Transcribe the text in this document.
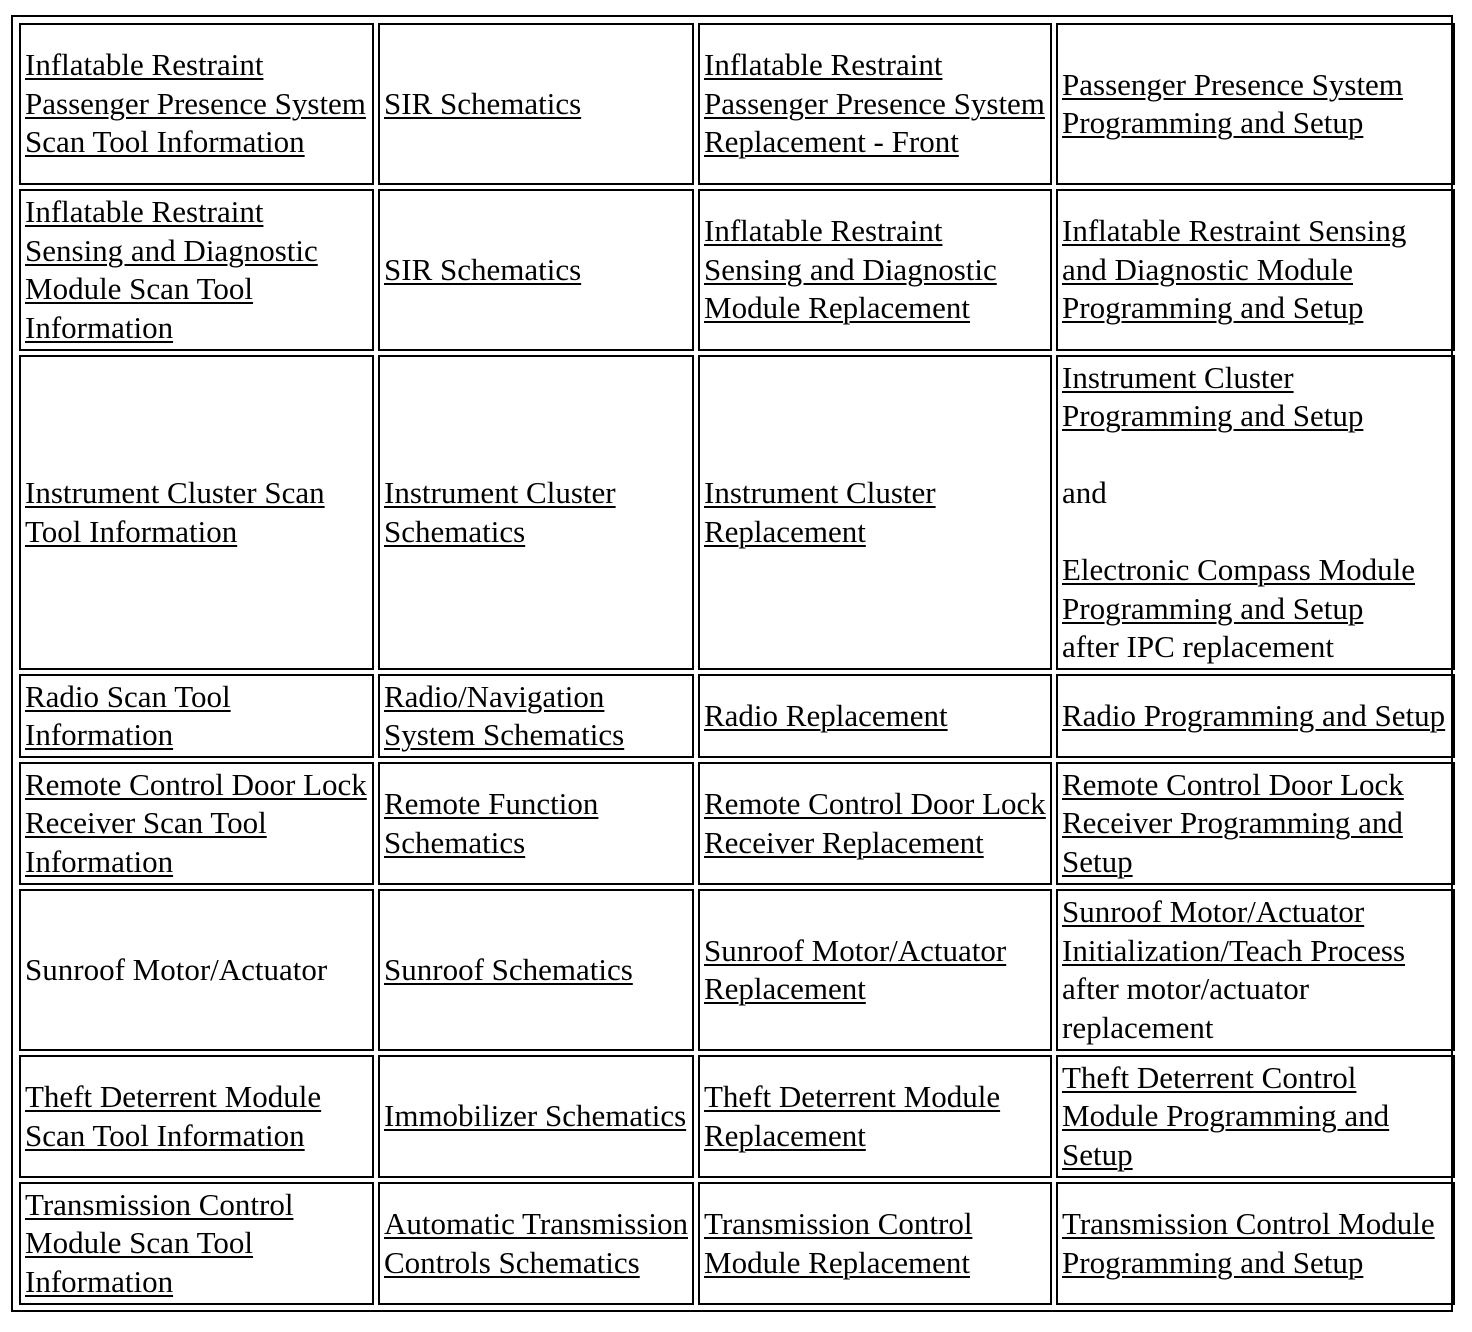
Inflatable Restraint Passenger Presence System Scan Tool Information	SIR Schematics	Inflatable Restraint Passenger Presence System Replacement - Front	Passenger Presence System Programming and Setup
Inflatable Restraint Sensing and Diagnostic Module Scan Tool Information	SIR Schematics	Inflatable Restraint Sensing and Diagnostic Module Replacement	Inflatable Restraint Sensing and Diagnostic Module Programming and Setup
Instrument Cluster Scan Tool Information	Instrument Cluster Schematics	Instrument Cluster Replacement	Instrument Cluster Programming and Setup
and
Electronic Compass Module Programming and Setup
after IPC replacement

Radio Scan Tool Information	Radio/Navigation System Schematics	Radio Replacement	Radio Programming and Setup
Remote Control Door Lock Receiver Scan Tool Information	Remote Function Schematics	Remote Control Door Lock Receiver Replacement	Remote Control Door Lock Receiver Programming and Setup
Sunroof Motor/Actuator	Sunroof Schematics	Sunroof Motor/Actuator Replacement	Sunroof Motor/Actuator Initialization/Teach Process after motor/actuator replacement
Theft Deterrent Module Scan Tool Information	Immobilizer Schematics	Theft Deterrent Module Replacement	Theft Deterrent Control Module Programming and Setup
Transmission Control Module Scan Tool Information	Automatic Transmission Controls Schematics	Transmission Control Module Replacement	Transmission Control Module Programming and Setup
